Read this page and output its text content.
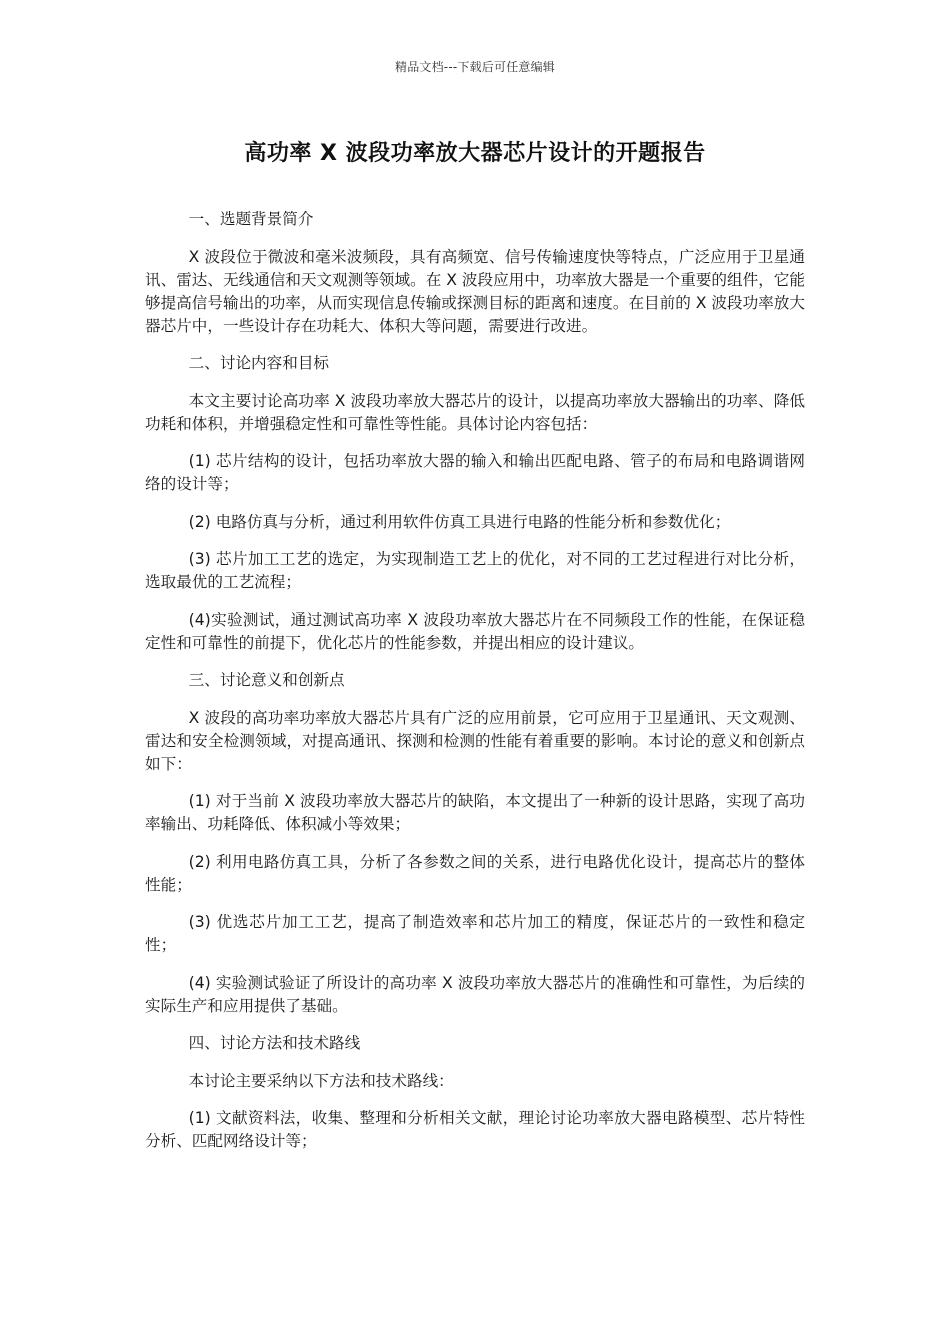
精品文档---下载后可任意编辑
高功率 X 波段功率放大器芯片设计的开题报告

一、选题背景简介

X 波段位于微波和毫米波频段，具有高频宽、信号传输速度快等特点，广泛应用于卫星通讯、雷达、无线通信和天文观测等领域。在 X 波段应用中，功率放大器是一个重要的组件，它能够提高信号输出的功率，从而实现信息传输或探测目标的距离和速度。在目前的 X 波段功率放大器芯片中，一些设计存在功耗大、体积大等问题，需要进行改进。

二、讨论内容和目标

本文主要讨论高功率 X 波段功率放大器芯片的设计，以提高功率放大器输出的功率、降低功耗和体积，并增强稳定性和可靠性等性能。具体讨论内容包括：

(1) 芯片结构的设计，包括功率放大器的输入和输出匹配电路、管子的布局和电路调谐网络的设计等；

(2) 电路仿真与分析，通过利用软件仿真工具进行电路的性能分析和参数优化；

(3) 芯片加工工艺的选定，为实现制造工艺上的优化，对不同的工艺过程进行对比分析，选取最优的工艺流程；

(4)实验测试，通过测试高功率 X 波段功率放大器芯片在不同频段工作的性能，在保证稳定性和可靠性的前提下，优化芯片的性能参数，并提出相应的设计建议。

三、讨论意义和创新点

X 波段的高功率功率放大器芯片具有广泛的应用前景，它可应用于卫星通讯、天文观测、雷达和安全检测领域，对提高通讯、探测和检测的性能有着重要的影响。本讨论的意义和创新点如下：

(1) 对于当前 X 波段功率放大器芯片的缺陷，本文提出了一种新的设计思路，实现了高功率输出、功耗降低、体积减小等效果；

(2) 利用电路仿真工具，分析了各参数之间的关系，进行电路优化设计，提高芯片的整体性能；

(3) 优选芯片加工工艺，提高了制造效率和芯片加工的精度，保证芯片的一致性和稳定性；

(4) 实验测试验证了所设计的高功率 X 波段功率放大器芯片的准确性和可靠性，为后续的实际生产和应用提供了基础。

四、讨论方法和技术路线

本讨论主要采纳以下方法和技术路线：

(1) 文献资料法，收集、整理和分析相关文献，理论讨论功率放大器电路模型、芯片特性分析、匹配网络设计等；
